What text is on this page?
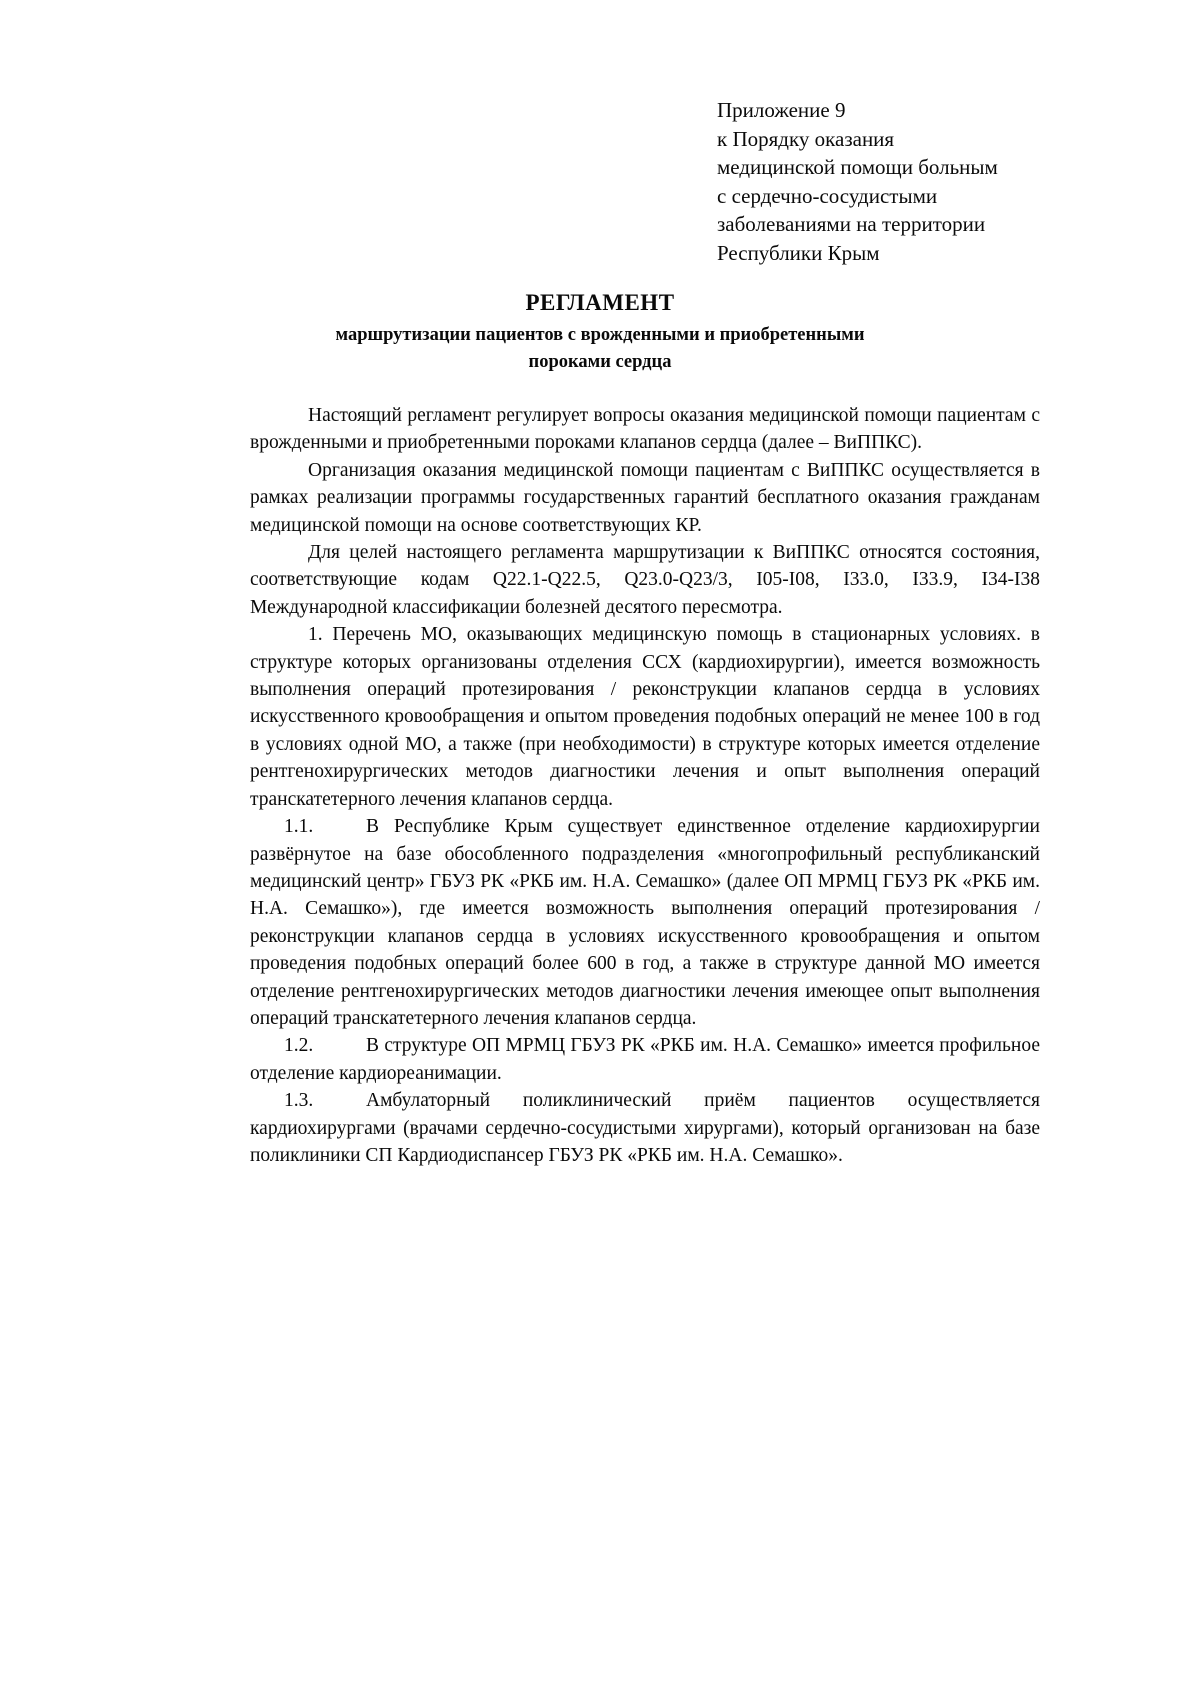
Приложение 9
к Порядку оказания
медицинской помощи больным
с сердечно-сосудистыми
заболеваниями на территории
Республики Крым
РЕГЛАМЕНТ
маршрутизации пациентов с врожденными и приобретенными
пороками сердца

Настоящий регламент регулирует вопросы оказания медицинской помощи пациентам с врожденными и приобретенными пороками клапанов сердца (далее – ВиППКС).

Организация оказания медицинской помощи пациентам с ВиППКС осуществляется в рамках реализации программы государственных гарантий бесплатного оказания гражданам медицинской помощи на основе соответствующих КР.

Для целей настоящего регламента маршрутизации к ВиППКС относятся состояния, соответствующие кодам Q22.1-Q22.5, Q23.0-Q23/3, I05-I08, I33.0, I33.9, I34-I38 Международной классификации болезней десятого пересмотра.

1. Перечень МО, оказывающих медицинскую помощь в стационарных условиях. в структуре которых организованы отделения ССХ (кардиохирургии), имеется возможность выполнения операций протезирования / реконструкции клапанов сердца в условиях искусственного кровообращения и опытом проведения подобных операций не менее 100 в год в условиях одной МО, а также (при необходимости) в структуре которых имеется отделение рентгенохирургических методов диагностики лечения и опыт выполнения операций транскатетерного лечения клапанов сердца.

1.1.	В Республике Крым существует единственное отделение кардиохирургии развёрнутое на базе обособленного подразделения «многопрофильный республиканский медицинский центр» ГБУЗ РК «РКБ им. Н.А. Семашко» (далее ОП МРМЦ ГБУЗ РК «РКБ им. Н.А. Семашко»), где имеется возможность выполнения операций протезирования / реконструкции клапанов сердца в условиях искусственного кровообращения и опытом проведения подобных операций более 600 в год, а также в структуре данной МО имеется отделение рентгенохирургических методов диагностики лечения имеющее опыт выполнения операций транскатетерного лечения клапанов сердца.

1.2.	В структуре ОП МРМЦ ГБУЗ РК «РКБ им. Н.А. Семашко» имеется профильное отделение кардиореанимации.

1.3.	Амбулаторный поликлинический приём пациентов осуществляется кардиохирургами (врачами сердечно-сосудистыми хирургами), который организован на базе поликлиники СП Кардиодиспансер ГБУЗ РК «РКБ им. Н.А. Семашко».
